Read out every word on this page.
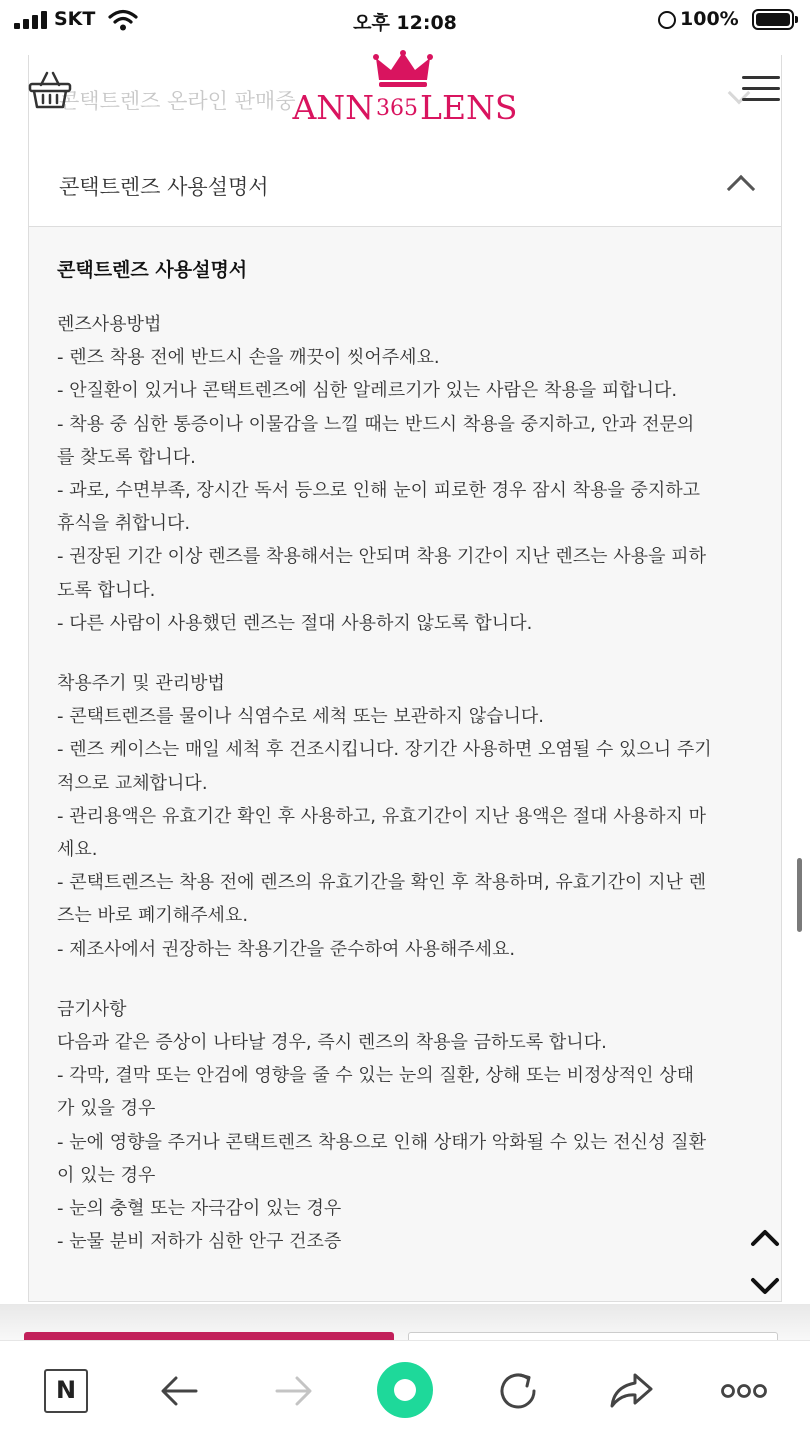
SKT	오후 12:08	100%
콘택트렌즈 온라인 판매중
ANN365LENS
콘택트렌즈 사용설명서
콘택트렌즈 사용설명서
렌즈사용방법
- 렌즈 착용 전에 반드시 손을 깨끗이 씻어주세요.
- 안질환이 있거나 콘택트렌즈에 심한 알레르기가 있는 사람은 착용을 피합니다.
- 착용 중 심한 통증이나 이물감을 느낄 때는 반드시 착용을 중지하고, 안과 전문의
를 찾도록 합니다.
- 과로, 수면부족, 장시간 독서 등으로 인해 눈이 피로한 경우 잠시 착용을 중지하고
휴식을 취합니다.
- 권장된 기간 이상 렌즈를 착용해서는 안되며 착용 기간이 지난 렌즈는 사용을 피하
도록 합니다.
- 다른 사람이 사용했던 렌즈는 절대 사용하지 않도록 합니다.
착용주기 및 관리방법
- 콘택트렌즈를 물이나 식염수로 세척 또는 보관하지 않습니다.
- 렌즈 케이스는 매일 세척 후 건조시킵니다. 장기간 사용하면 오염될 수 있으니 주기
적으로 교체합니다.
- 관리용액은 유효기간 확인 후 사용하고, 유효기간이 지난 용액은 절대 사용하지 마
세요.
- 콘택트렌즈는 착용 전에 렌즈의 유효기간을 확인 후 착용하며, 유효기간이 지난 렌
즈는 바로 폐기해주세요.
- 제조사에서 권장하는 착용기간을 준수하여 사용해주세요.
금기사항
다음과 같은 증상이 나타날 경우, 즉시 렌즈의 착용을 금하도록 합니다.
- 각막, 결막 또는 안검에 영향을 줄 수 있는 눈의 질환, 상해 또는 비정상적인 상태
가 있을 경우
- 눈에 영향을 주거나 콘택트렌즈 착용으로 인해 상태가 악화될 수 있는 전신성 질환
이 있는 경우
- 눈의 충혈 또는 자극감이 있는 경우
- 눈물 분비 저하가 심한 안구 건조증
N
